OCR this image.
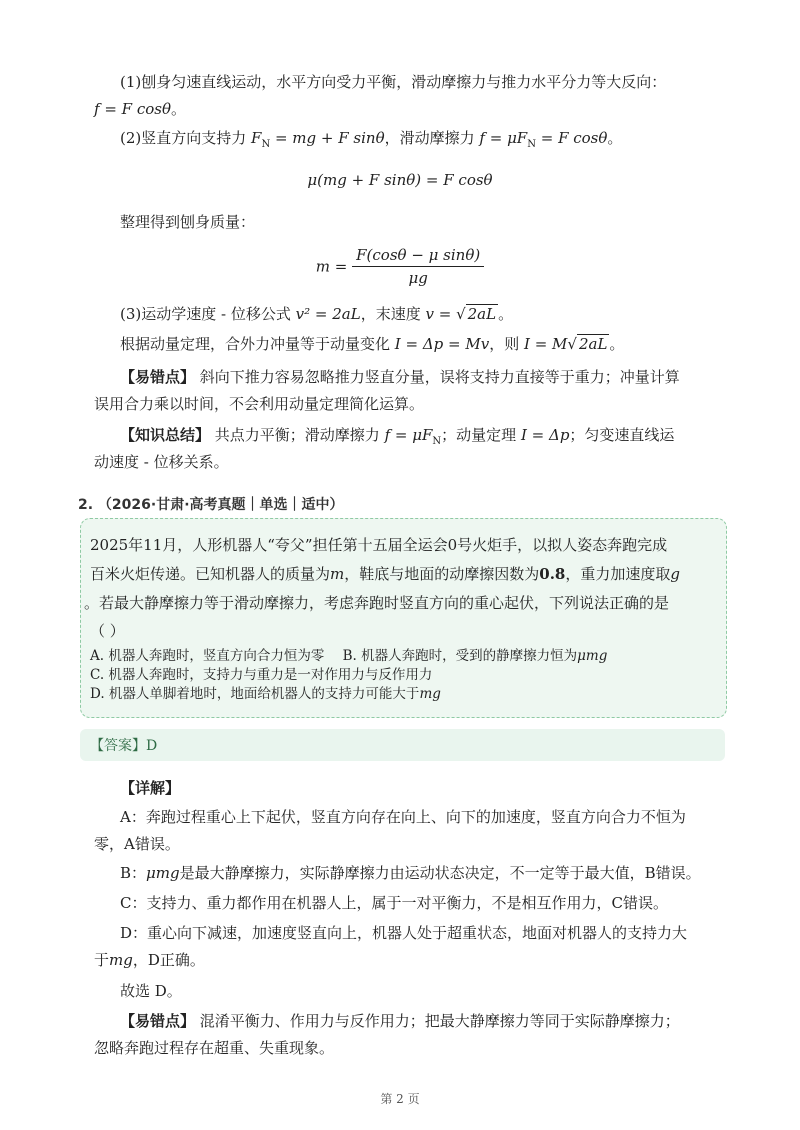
(1)刨身匀速直线运动，水平方向受力平衡，滑动摩擦力与推力水平分力等大反向：
f = F cosθ。
(2)竖直方向支持力 $F_N$ = mg + F sinθ，滑动摩擦力 $f = \mu F_N = F$ cosθ。
μ(mg + F sinθ) = F cosθ
整理得到刨身质量：
$m = \frac{\text{F(cosθ − μ sinθ)}}{\mu g}$
(3)运动学速度 - 位移公式 v² = 2aL，末速度 v = √ 2aL 。
根据动量定理，合外力冲量等于动量变化 I = Δp = Mv，则 I = M√ 2aL 。
【易错点】 斜向下推力容易忽略推力竖直分量，误将支持力直接等于重力；冲量计算
误用合力乘以时间，不会利用动量定理简化运算。
【知识总结】 共点力平衡；滑动摩擦力 $f = \mu F_N$；动量定理 I = Δp；匀变速直线运
动速度 - 位移关系。
2. （2026·甘肃·高考真题｜单选｜适中）
2025年11月，人形机器人“夸父”担任第十五届全运会0号火炬手，以拟人姿态奔跑完成
百米火炬传递。已知机器人的质量为m，鞋底与地面的动摩擦因数为0.8，重力加速度取g
。若最大静摩擦力等于滑动摩擦力，考虑奔跑时竖直方向的重心起伏，下列说法正确的是
（ ）
A. 机器人奔跑时，竖直方向合力恒为零 B. 机器人奔跑时，受到的静摩擦力恒为μmg
C. 机器人奔跑时，支持力与重力是一对作用力与反作用力
D. 机器人单脚着地时，地面给机器人的支持力可能大于mg
【答案】D
【详解】
A：奔跑过程重心上下起伏，竖直方向存在向上、向下的加速度，竖直方向合力不恒为
零，A错误。
B：μmg是最大静摩擦力，实际静摩擦力由运动状态决定，不一定等于最大值，B错误。
C：支持力、重力都作用在机器人上，属于一对平衡力，不是相互作用力，C错误。
D：重心向下减速，加速度竖直向上，机器人处于超重状态，地面对机器人的支持力大
于mg，D正确。
故选 D。
【易错点】 混淆平衡力、作用力与反作用力；把最大静摩擦力等同于实际静摩擦力；
忽略奔跑过程存在超重、失重现象。
第 2 页
